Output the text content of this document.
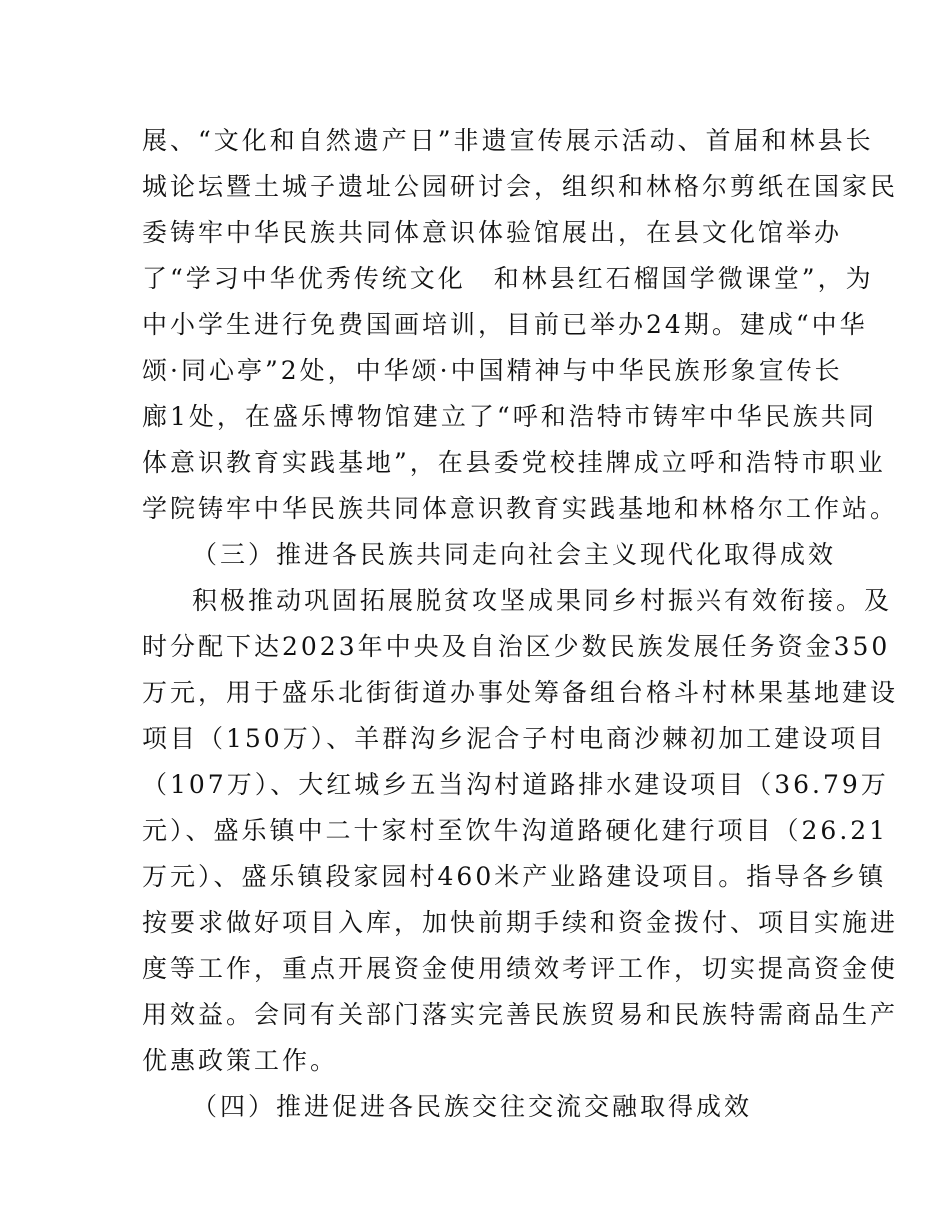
展、“文化和自然遗产日”非遗宣传展示活动、首届和林县长
城论坛暨土城子遗址公园研讨会，组织和林格尔剪纸在国家民
委铸牢中华民族共同体意识体验馆展出，在县文化馆举办
了“学习中华优秀传统文化　和林县红石榴国学微课堂”，为
中小学生进行免费国画培训，目前已举办24期。建成“中华
颂·同心亭”2处，中华颂·中国精神与中华民族形象宣传长
廊1处，在盛乐博物馆建立了“呼和浩特市铸牢中华民族共同
体意识教育实践基地”，在县委党校挂牌成立呼和浩特市职业
学院铸牢中华民族共同体意识教育实践基地和林格尔工作站。
（三）推进各民族共同走向社会主义现代化取得成效
积极推动巩固拓展脱贫攻坚成果同乡村振兴有效衔接。及
时分配下达2023年中央及自治区少数民族发展任务资金350
万元，用于盛乐北街街道办事处筹备组台格斗村林果基地建设
项目（150万）、羊群沟乡泥合子村电商沙棘初加工建设项目
（107万）、大红城乡五当沟村道路排水建设项目（36.79万
元）、盛乐镇中二十家村至饮牛沟道路硬化建行项目（26.21
万元）、盛乐镇段家园村460米产业路建设项目。指导各乡镇
按要求做好项目入库，加快前期手续和资金拨付、项目实施进
度等工作，重点开展资金使用绩效考评工作，切实提高资金使
用效益。会同有关部门落实完善民族贸易和民族特需商品生产
优惠政策工作。
（四）推进促进各民族交往交流交融取得成效
